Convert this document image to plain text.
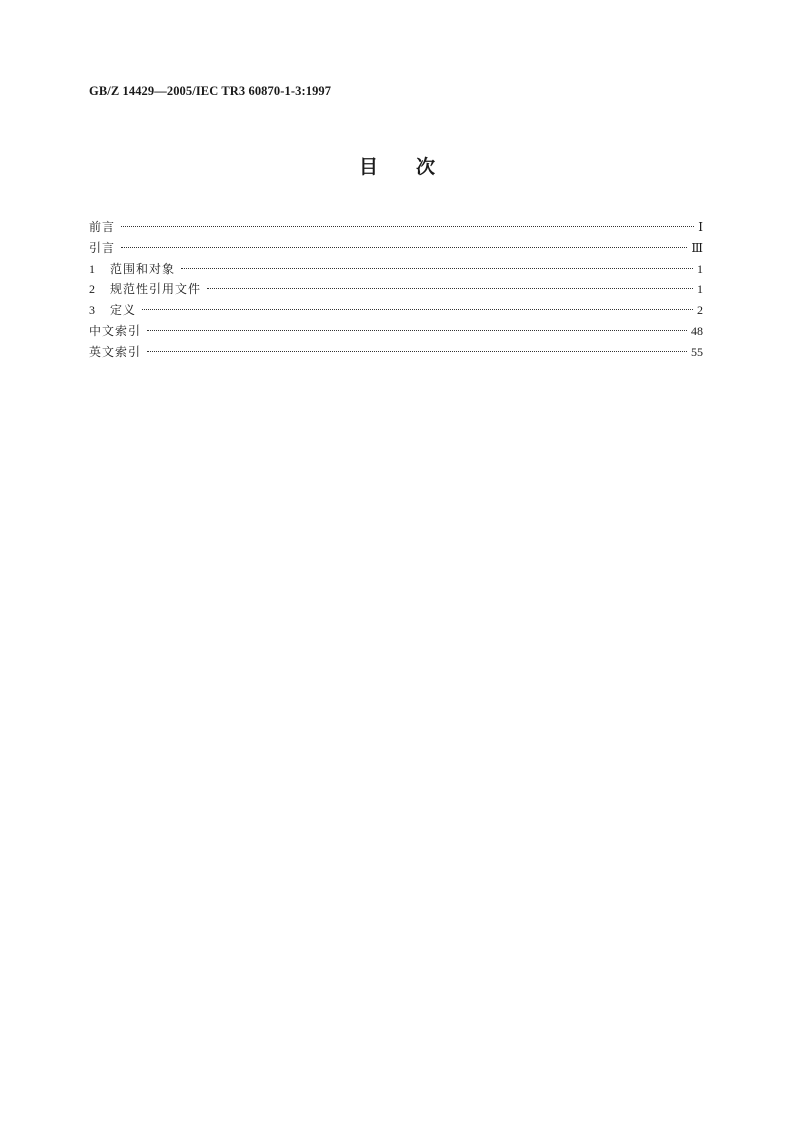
GB/Z 14429—2005/IEC TR3 60870-1-3:1997
目　　次
前言	Ⅰ
引言	Ⅲ
1	范围和对象	1
2	规范性引用文件	1
3	定义	2
中文索引	48
英文索引	55
